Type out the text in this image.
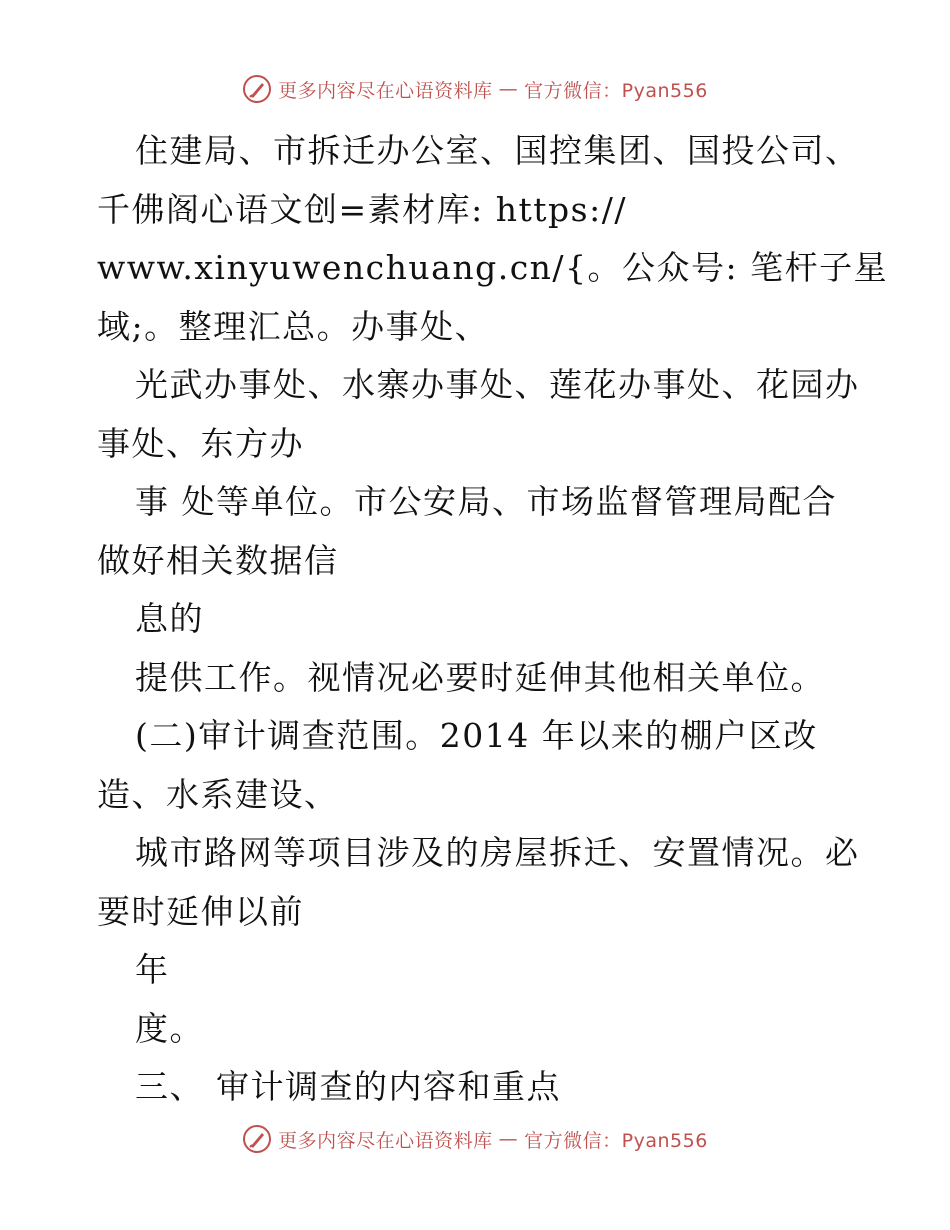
更多内容尽在心语资料库 — 官方微信：Pyan556
住建局、市拆迁办公室、国控集团、国投公司、
千佛阁心语文创=素材库: https://
www.xinyuwenchuang.cn/{。公众号: 笔杆子星
域;。整理汇总。办事处、
光武办事处、水寨办事处、莲花办事处、花园办
事处、东方办
事 处等单位。市公安局、市场监督管理局配合
做好相关数据信
息的
提供工作。视情况必要时延伸其他相关单位。
(二)审计调查范围。2014 年以来的棚户区改
造、水系建设、
城市路网等项目涉及的房屋拆迁、安置情况。必
要时延伸以前
年
度。
三、 审计调查的内容和重点
更多内容尽在心语资料库 — 官方微信：Pyan556
